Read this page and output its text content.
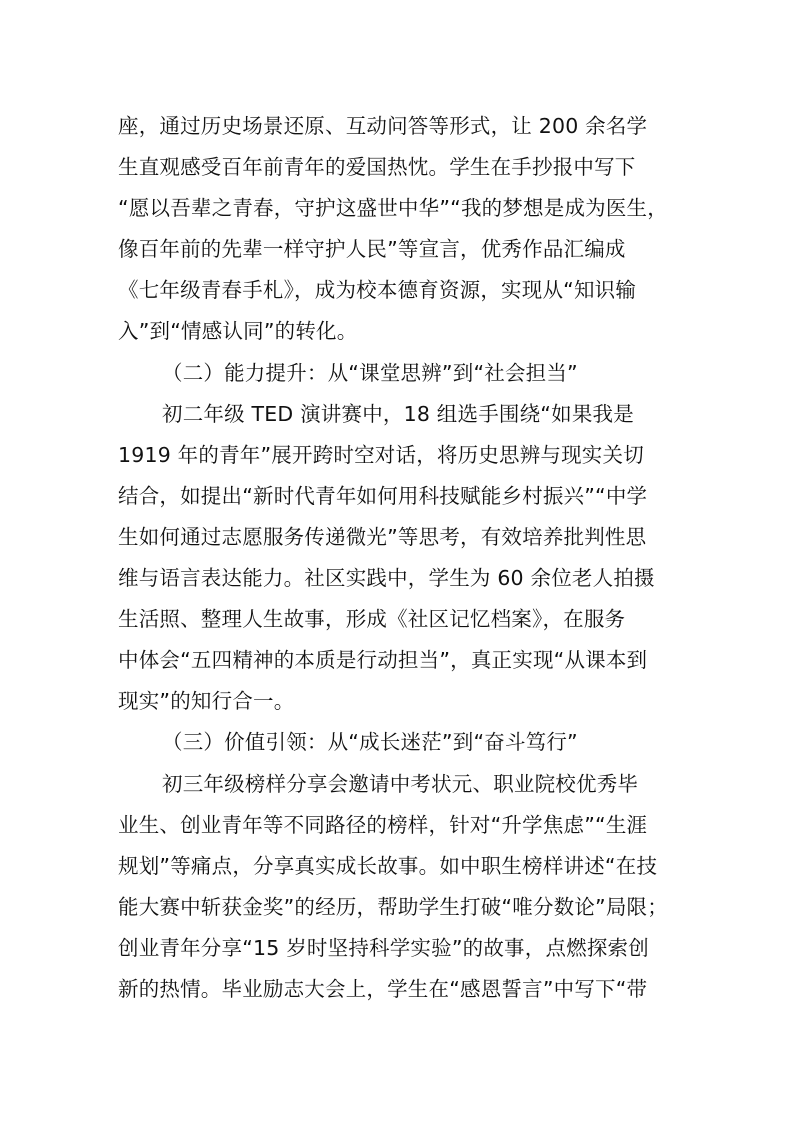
座，通过历史场景还原、互动问答等形式，让 200 余名学
生直观感受百年前青年的爱国热忱。学生在手抄报中写下
“愿以吾辈之青春，守护这盛世中华”“我的梦想是成为医生，
像百年前的先辈一样守护人民”等宣言，优秀作品汇编成
《七年级青春手札》，成为校本德育资源，实现从“知识输
入”到“情感认同”的转化。
（二）能力提升：从“课堂思辨”到“社会担当”
初二年级 TED 演讲赛中，18 组选手围绕“如果我是
1919 年的青年”展开跨时空对话，将历史思辨与现实关切
结合，如提出“新时代青年如何用科技赋能乡村振兴”“中学
生如何通过志愿服务传递微光”等思考，有效培养批判性思
维与语言表达能力。社区实践中，学生为 60 余位老人拍摄
生活照、整理人生故事，形成《社区记忆档案》，在服务
中体会“五四精神的本质是行动担当”，真正实现“从课本到
现实”的知行合一。
（三）价值引领：从“成长迷茫”到“奋斗笃行”
初三年级榜样分享会邀请中考状元、职业院校优秀毕
业生、创业青年等不同路径的榜样，针对“升学焦虑”“生涯
规划”等痛点，分享真实成长故事。如中职生榜样讲述“在技
能大赛中斩获金奖”的经历，帮助学生打破“唯分数论”局限；
创业青年分享“15 岁时坚持科学实验”的故事，点燃探索创
新的热情。毕业励志大会上，学生在“感恩誓言”中写下“带
